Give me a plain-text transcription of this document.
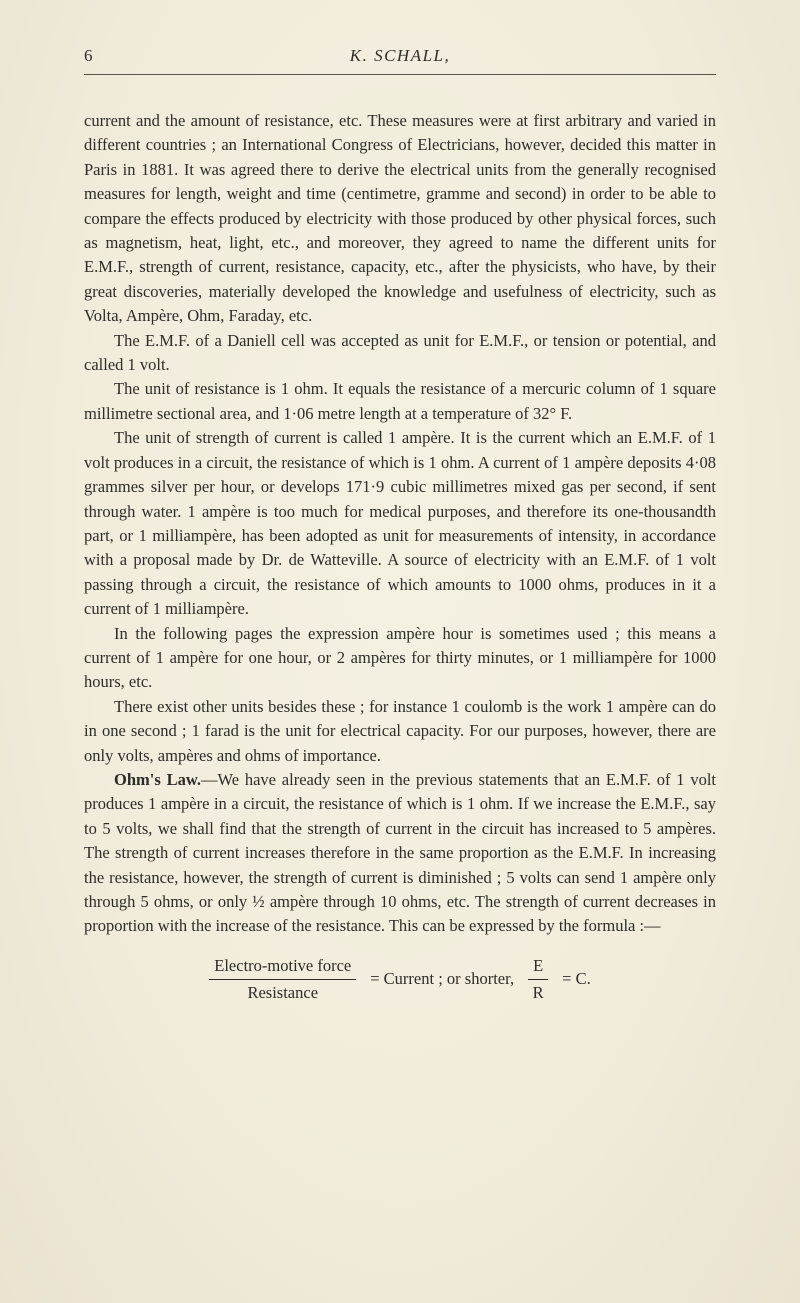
6	K. SCHALL,

current and the amount of resistance, etc. These measures were at first arbitrary and varied in different countries ; an International Congress of Electricians, however, decided this matter in Paris in 1881. It was agreed there to derive the electrical units from the generally recognised measures for length, weight and time (centimetre, gramme and second) in order to be able to compare the effects produced by electricity with those produced by other physical forces, such as magnetism, heat, light, etc., and moreover, they agreed to name the different units for E.M.F., strength of current, resistance, capacity, etc., after the physicists, who have, by their great discoveries, materially developed the knowledge and usefulness of electricity, such as Volta, Ampère, Ohm, Faraday, etc.

The E.M.F. of a Daniell cell was accepted as unit for E.M.F., or tension or potential, and called 1 volt.

The unit of resistance is 1 ohm. It equals the resistance of a mercuric column of 1 square millimetre sectional area, and 1·06 metre length at a temperature of 32° F.

The unit of strength of current is called 1 ampère. It is the current which an E.M.F. of 1 volt produces in a circuit, the resistance of which is 1 ohm. A current of 1 ampère deposits 4·08 grammes silver per hour, or develops 171·9 cubic millimetres mixed gas per second, if sent through water. 1 ampère is too much for medical purposes, and therefore its one-thousandth part, or 1 milliampère, has been adopted as unit for measurements of intensity, in accordance with a proposal made by Dr. de Watteville. A source of electricity with an E.M.F. of 1 volt passing through a circuit, the resistance of which amounts to 1000 ohms, produces in it a current of 1 milliampère.

In the following pages the expression ampère hour is sometimes used ; this means a current of 1 ampère for one hour, or 2 ampères for thirty minutes, or 1 milliampère for 1000 hours, etc.

There exist other units besides these ; for instance 1 coulomb is the work 1 ampère can do in one second ; 1 farad is the unit for electrical capacity. For our purposes, however, there are only volts, ampères and ohms of importance.

Ohm's Law.—We have already seen in the previous statements that an E.M.F. of 1 volt produces 1 ampère in a circuit, the resistance of which is 1 ohm. If we increase the E.M.F., say to 5 volts, we shall find that the strength of current in the circuit has increased to 5 ampères. The strength of current increases therefore in the same proportion as the E.M.F. In increasing the resistance, however, the strength of current is diminished ; 5 volts can send 1 ampère only through 5 ohms, or only ½ ampère through 10 ohms, etc. The strength of current decreases in proportion with the increase of the resistance. This can be expressed by the formula :—

$\frac{\text{Electro-motive force}}{\text{Resistance}}$ = Current ; or shorter, $\frac{E}{R} = C$.
